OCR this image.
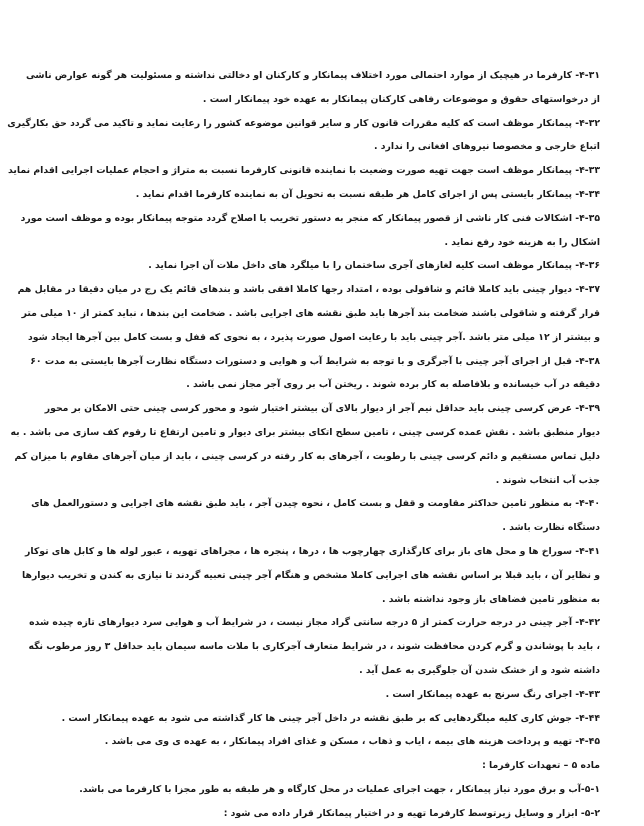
۴-۳۱- کارفرما در هیچیک از موارد احتمالی مورد اختلاف پیمانکار و کارکنان او دخالتی نداشته و مسئولیت هر گونه عوارض ناشی
از درخواستهای حقوق و موضوعات رفاهی کارکنان پیمانکار به عهده خود پیمانکار است .
۴-۳۲- پیمانکار موظف است که کلیه مقررات قانون کار و سایر قوانین موضوعه کشور را رعایت نماید و تاکید می گردد حق بکارگیری
اتباع خارجی و مخصوصا نیروهای افغانی را ندارد .
۴-۳۳- پیمانکار موظف است جهت تهیه صورت وضعیت با نماینده قانونی کارفرما نسبت به متراژ و احجام عملیات اجرایی اقدام نماید
۴-۳۴- پیمانکار بایستی پس از اجرای کامل هر طبقه نسبت به تحویل آن به نماینده کارفرما اقدام نماید .
۴-۳۵- اشکالات فنی کار ناشی از قصور پیمانکار که منجر به دستور تخریب یا اصلاح گردد متوجه پیمانکار بوده و موظف است مورد
اشکال را به هزینه خود رفع نماید .
۴-۳۶- پیمانکار موظف است کلیه لغازهای آجری ساختمان را با میلگرد های داخل ملات آن اجرا نماید .
۴-۳۷- دیوار چینی باید کاملا قائم و شاقولی بوده ، امتداد رجها کاملا افقی باشد و بندهای قائم یک رج در میان دقیقا در مقابل هم
قرار گرفته و شاقولی باشند ضخامت بند آجرها باید طبق نقشه های اجرایی باشد . ضخامت این بندها ، نباید کمتر از ۱۰ میلی متر
و بیشتر از ۱۲ میلی متر باشد .آجر چینی باید با رعایت اصول صورت پذیرد ، به نحوی که قفل و بست کامل بین آجرها ایجاد شود
۴-۳۸- قبل از اجرای آجر چینی با آجرگری و با توجه به شرایط آب و هوایی و دستورات دستگاه نظارت آجرها بایستی به مدت ۶۰
دقیقه در آب خیسانده و بلافاصله به کار برده شوند . ریختن آب بر روی آجر مجاز نمی باشد .
۴-۳۹- عرض کرسی چینی باید حداقل نیم آجر از دیوار بالای آن بیشتر اختیار شود و محور کرسی چینی حتی الامکان بر محور
دیوار منطبق باشد . نقش عمده کرسی چینی ، تامین سطح اتکای بیشتر برای دیوار و تامین ارتفاع تا رقوم کف سازی می باشد . به
دلیل تماس مستقیم و دائم کرسی چینی با رطوبت ، آجرهای به کار رفته در کرسی چینی ، باید از میان آجرهای مقاوم با میزان کم
جذب آب انتخاب شوند .
۴-۴۰- به منظور تامین حداکثر مقاومت و قفل و بست کامل ، نحوه چیدن آجر ، باید طبق نقشه های اجرایی و دستورالعمل های
دستگاه نظارت باشد .
۴-۴۱- سوراخ ها و محل های باز برای کارگذاری چهارچوب ها ، درها ، پنجره ها ، مجراهای تهویه ، عبور لوله ها و کابل های توکار
و نظایر آن ، باید قبلا بر اساس نقشه های اجرایی کاملا مشخص و هنگام آجر چینی تعبیه گردند تا نیازی به کندن و تخریب دیوارها
به منظور تامین فضاهای باز وجود نداشته باشد .
۴-۴۲- آجر چینی در درجه حرارت کمتر از ۵ درجه سانتی گراد مجاز نیست ، در شرایط آب و هوایی سرد دیوارهای تازه چیده شده
، باید با پوشاندن و گرم کردن محافظت شوند ، در شرایط متعارف آجرکاری با ملات ماسه سیمان باید حداقل ۳ روز مرطوب نگه
داشته شود و از خشک شدن آن جلوگیری به عمل آید .
۴-۴۳- اجرای رنگ سرنج به عهده پیمانکار است .
۴-۴۴- جوش کاری کلیه میلگردهایی که بر طبق نقشه در داخل آجر چینی ها کار گذاشته می شود به عهده پیمانکار است .
۴-۴۵- تهیه و پرداخت هزینه های بیمه ، ایاب و ذهاب ، مسکن و غذای افراد پیمانکار ، به عهده ی وی می باشد .
ماده ۵ – تعهدات کارفرما :
۵-۱-آب و برق مورد نیاز پیمانکار ، جهت اجرای عملیات در محل کارگاه و هر طبقه به طور مجزا با کارفرما می باشد.
۵-۲- ابزار و وسایل زیرتوسط کارفرما تهیه و در اختیار پیمانکار قرار داده می شود :
